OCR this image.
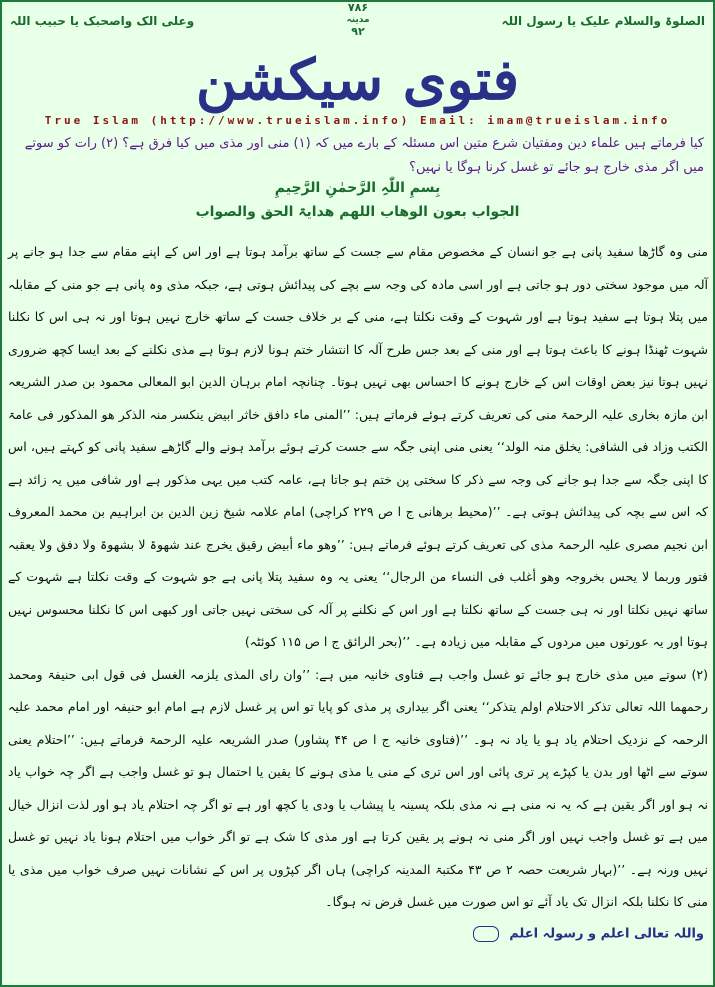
الصلوۃ والسلام علیک یا رسول اللہ
۷۸۶
مدینہ
۹۲
وعلی الک واصحبک یا حبیب اللہ
فتوی سیکشن
True Islam (http://www.trueislam.info) Email: imam@trueislam.info
کیا فرماتے ہیں علماء دین ومفتیان شرع متین اس مسئلہ کے بارے میں کہ (۱) منی اور مذی میں کیا فرق ہے؟ (۲) رات کو سوتے میں اگر مذی خارج ہو جائے تو غسل کرنا ہوگا یا نہیں؟
بِسمِ اللّٰہِ الرَّحمٰنِ الرَّحِیمِ
الجواب بعون الوھاب اللھم ھدایۃ الحق والصواب

منی وہ گاڑھا سفید پانی ہے جو انسان کے مخصوص مقام سے جست کے ساتھ برآمد ہوتا ہے اور اس کے اپنے مقام سے جدا ہو جانے پر آلہ میں موجود سختی دور ہو جاتی ہے اور اسی مادہ کی وجہ سے بچے کی پیدائش ہوتی ہے، جبکہ مذی وہ پانی ہے جو منی کے مقابلہ میں پتلا ہوتا ہے سفید ہوتا ہے اور شہوت کے وقت نکلتا ہے، منی کے بر خلاف جست کے ساتھ خارج نہیں ہوتا اور نہ ہی اس کا نکلنا شہوت ٹھنڈا ہونے کا باعث ہوتا ہے اور منی کے بعد جس طرح آلہ کا انتشار ختم ہونا لازم ہوتا ہے مذی نکلنے کے بعد ایسا کچھ ضروری نہیں ہوتا نیز بعض اوقات اس کے خارج ہونے کا احساس بھی نہیں ہوتا۔ چنانچہ امام برہان الدین ابو المعالی محمود بن صدر الشریعہ ابن مازہ بخاری علیہ الرحمۃ منی کی تعریف کرتے ہوئے فرماتے ہیں: ’’المنی ماء دافق خاثر ابیض ینکسر منہ الذکر ھو المذکور فی عامۃ الکتب وزاد فی الشافی: یخلق منہ الولد‘‘ یعنی منی اپنی جگہ سے جست کرتے ہوئے برآمد ہونے والے گاڑھے سفید پانی کو کہتے ہیں، اس کا اپنی جگہ سے جدا ہو جانے کی وجہ سے ذکر کا سختی پن ختم ہو جاتا ہے، عامہ کتب میں یہی مذکور ہے اور شافی میں یہ زائد ہے کہ اس سے بچہ کی پیدائش ہوتی ہے۔ ’’(محیط برھانی ج ا ص ۲۲۹ کراچی) امام علامہ شیخ زین الدین بن ابراہیم بن محمد المعروف ابن نجیم مصری علیہ الرحمۃ مذی کی تعریف کرتے ہوئے فرماتے ہیں: ’’وھو ماء أبیض رقیق یخرج عند شھوۃ لا بشھوۃ ولا دفق ولا یعقبہ فتور وربما لا یحس بخروجہ وھو أغلب فی النساء من الرجال‘‘ یعنی یہ وہ سفید پتلا پانی ہے جو شہوت کے وقت نکلتا ہے شہوت کے ساتھ نہیں نکلتا اور نہ ہی جست کے ساتھ نکلتا ہے اور اس کے نکلنے پر آلہ کی سختی نہیں جاتی اور کبھی اس کا نکلنا محسوس نہیں ہوتا اور یہ عورتوں میں مردوں کے مقابلہ میں زیادہ ہے۔ ’’(بحر الرائق ج ا ص ۱۱۵ کوئٹہ)

(۲) سوتے میں مذی خارج ہو جائے تو غسل واجب ہے فتاوی خانیہ میں ہے: ’’وان رای المذی یلزمہ الغسل فی قول ابی حنیفۃ ومحمد رحمھما اللہ تعالی تذکر الاحتلام اولم یتذکر‘‘ یعنی اگر بیداری پر مذی کو پایا تو اس پر غسل لازم ہے امام ابو حنیفہ اور امام محمد علیہ الرحمہ کے نزدیک احتلام یاد ہو یا یاد نہ ہو۔ ’’(فتاوی خانیہ ج ا ص ۴۴ پشاور) صدر الشریعہ علیہ الرحمۃ فرماتے ہیں: ’’احتلام یعنی سوتے سے اٹھا اور بدن یا کپڑے پر تری پائی اور اس تری کے منی یا مذی ہونے کا یقین یا احتمال ہو تو غسل واجب ہے اگر چہ خواب یاد نہ ہو اور اگر یقین ہے کہ یہ نہ منی ہے نہ مذی بلکہ پسینہ یا پیشاب یا ودی یا کچھ اور ہے تو اگر چہ احتلام یاد ہو اور لذت انزال خیال میں ہے تو غسل واجب نہیں اور اگر منی نہ ہونے پر یقین کرتا ہے اور مذی کا شک ہے تو اگر خواب میں احتلام ہونا یاد نہیں تو غسل نہیں ورنہ ہے۔ ’’(بہار شریعت حصہ ۲ ص ۴۳ مکتبۃ المدینہ کراچی) ہاں اگر کپڑوں پر اس کے نشانات نہیں صرف خواب میں مذی یا منی کا نکلنا بلکہ انزال تک یاد آئے تو اس صورت میں غسل فرض نہ ہوگا۔

واللہ تعالی اعلم و رسولہ اعلم
